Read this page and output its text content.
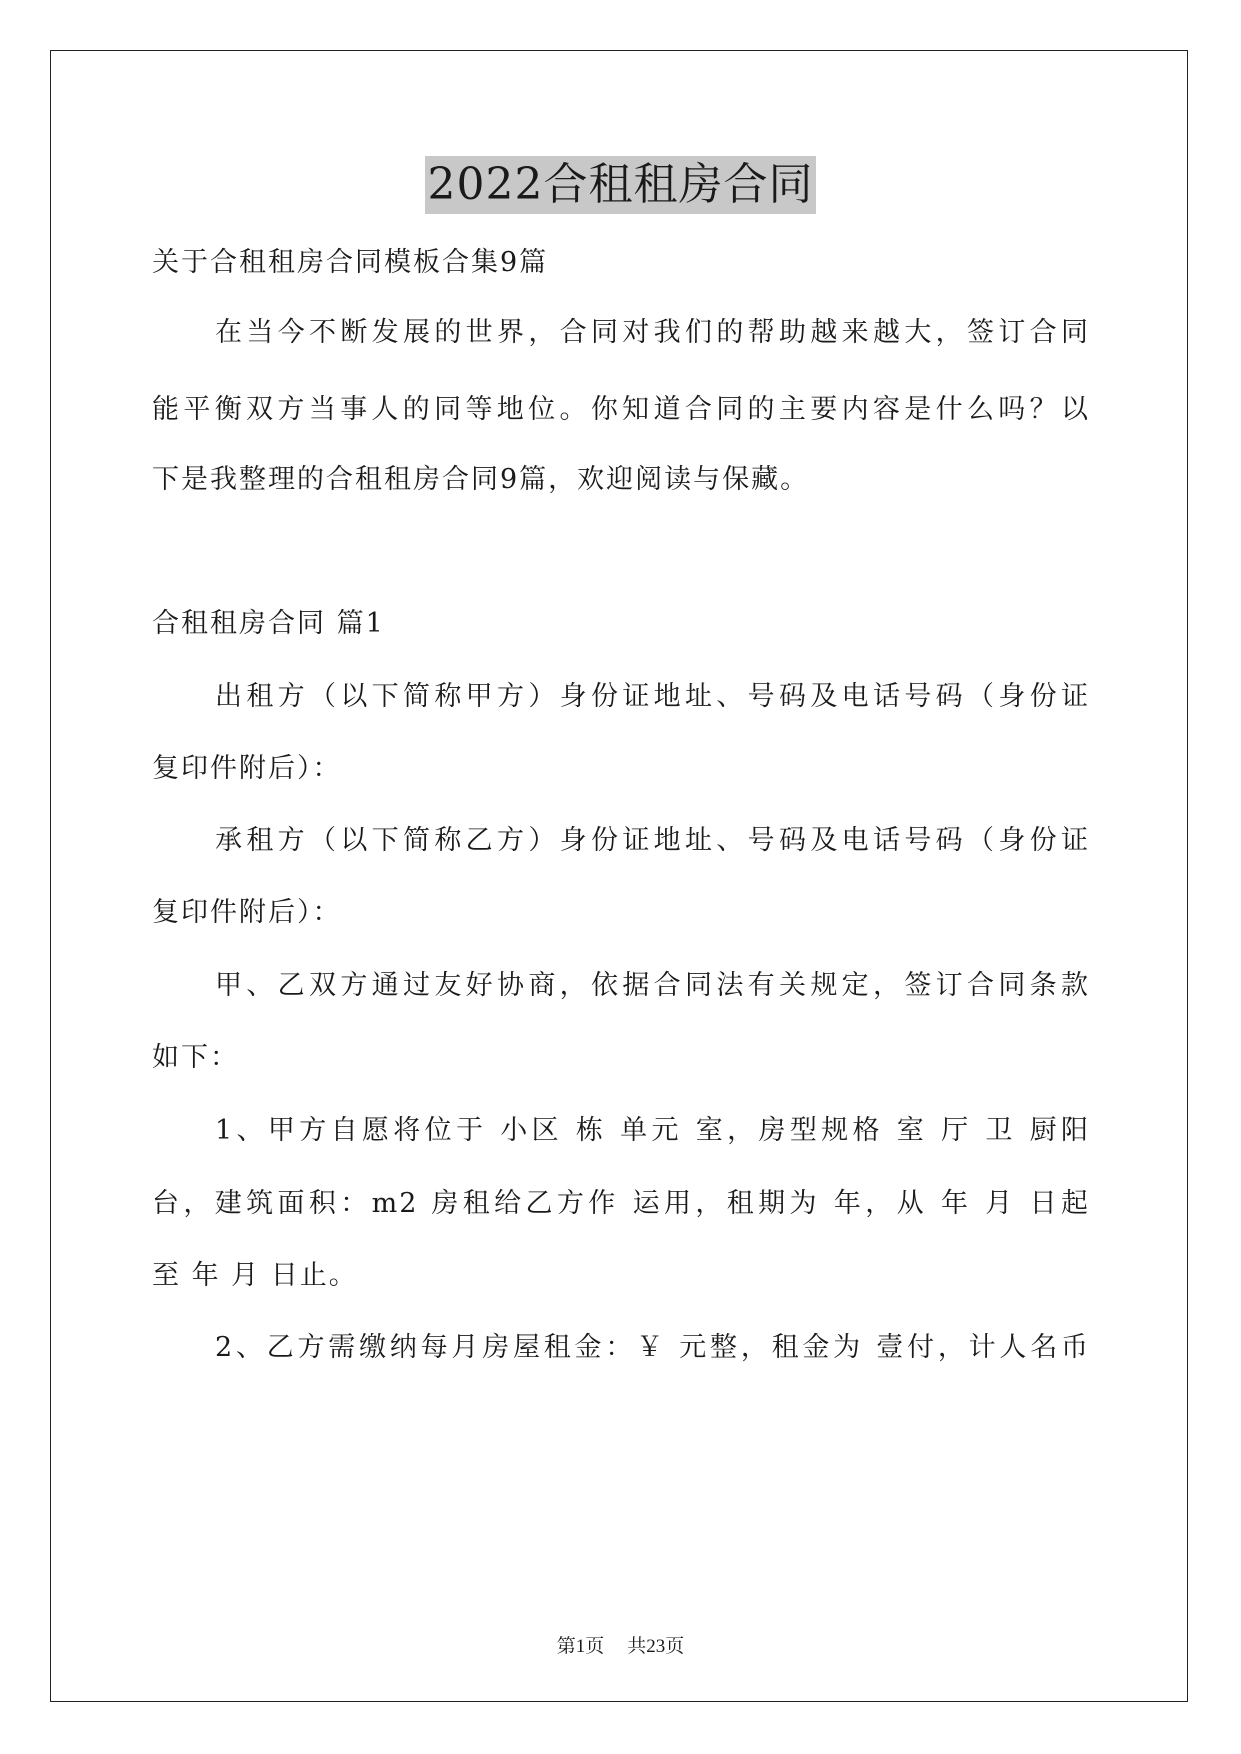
2022合租租房合同
关于合租租房合同模板合集9篇
在当今不断发展的世界，合同对我们的帮助越来越大，签订合同
能平衡双方当事人的同等地位。你知道合同的主要内容是什么吗？以
下是我整理的合租租房合同9篇，欢迎阅读与保藏。
合租租房合同 篇1
出租方（以下简称甲方）身份证地址、号码及电话号码（身份证
复印件附后）：
承租方（以下简称乙方）身份证地址、号码及电话号码（身份证
复印件附后）：
甲、乙双方通过友好协商，依据合同法有关规定，签订合同条款
如下：
1、甲方自愿将位于 小区 栋 单元 室，房型规格 室 厅 卫 厨阳
台，建筑面积：m2 房租给乙方作 运用，租期为 年，从 年 月 日起
至 年 月 日止。
2、乙方需缴纳每月房屋租金：￥ 元整，租金为 壹付，计人名币
第1页 共23页
